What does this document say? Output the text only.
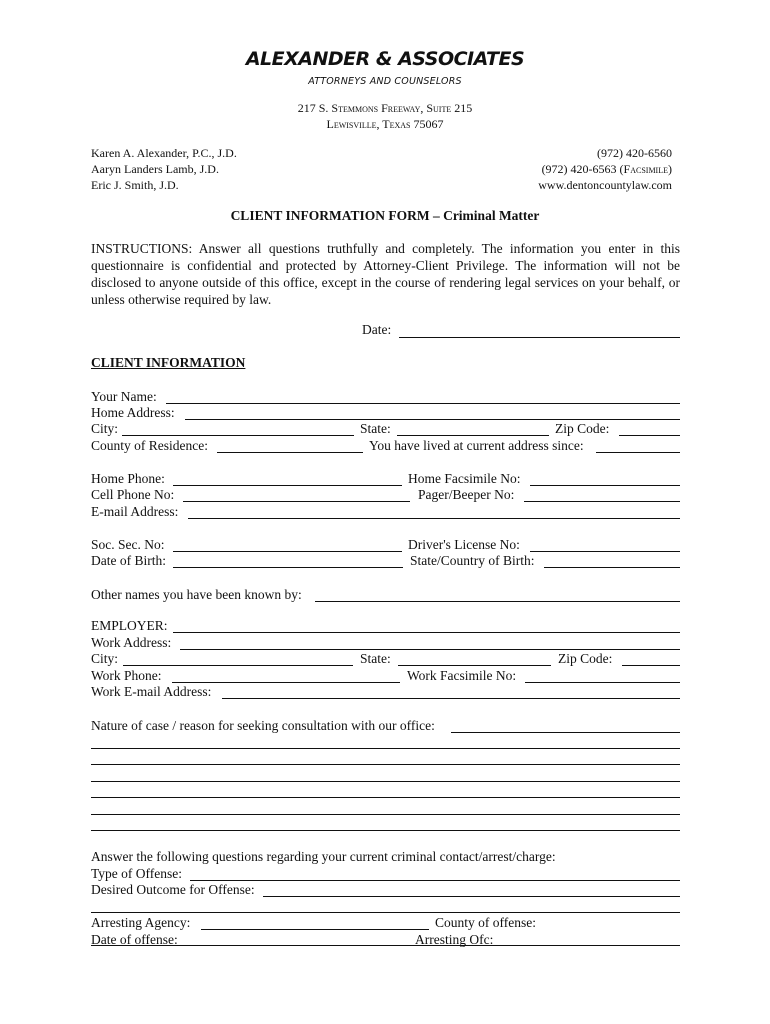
ALEXANDER & ASSOCIATES
ATTORNEYS AND COUNSELORS
217 S. Stemmons Freeway, Suite 215
Lewisville, Texas 75067
Karen A. Alexander, P.C., J.D.
Aaryn Landers Lamb, J.D.
Eric J. Smith, J.D.
(972) 420-6560
(972) 420-6563 (Facsimile)
www.dentoncountylaw.com
CLIENT INFORMATION FORM – Criminal Matter
INSTRUCTIONS: Answer all questions truthfully and completely. The information you enter in this questionnaire is confidential and protected by Attorney-Client Privilege. The information will not be disclosed to anyone outside of this office, except in the course of rendering legal services on your behalf, or unless otherwise required by law.
Date:
CLIENT INFORMATION
Your Name:
Home Address:
City:	State:	Zip Code:
County of Residence:	You have lived at current address since:
Home Phone:	Home Facsimile No:
Cell Phone No:	Pager/Beeper No:
E-mail Address:
Soc. Sec. No:	Driver's License No:
Date of Birth:	State/Country of Birth:
Other names you have been known by:
EMPLOYER:
Work Address:
City:	State:	Zip Code:
Work Phone:	Work Facsimile No:
Work E-mail Address:
Nature of case / reason for seeking consultation with our office:
Answer the following questions regarding your current criminal contact/arrest/charge:
Type of Offense:
Desired Outcome for Offense:
Arresting Agency:	County of offense:
Date of offense:	Arresting Ofc:
